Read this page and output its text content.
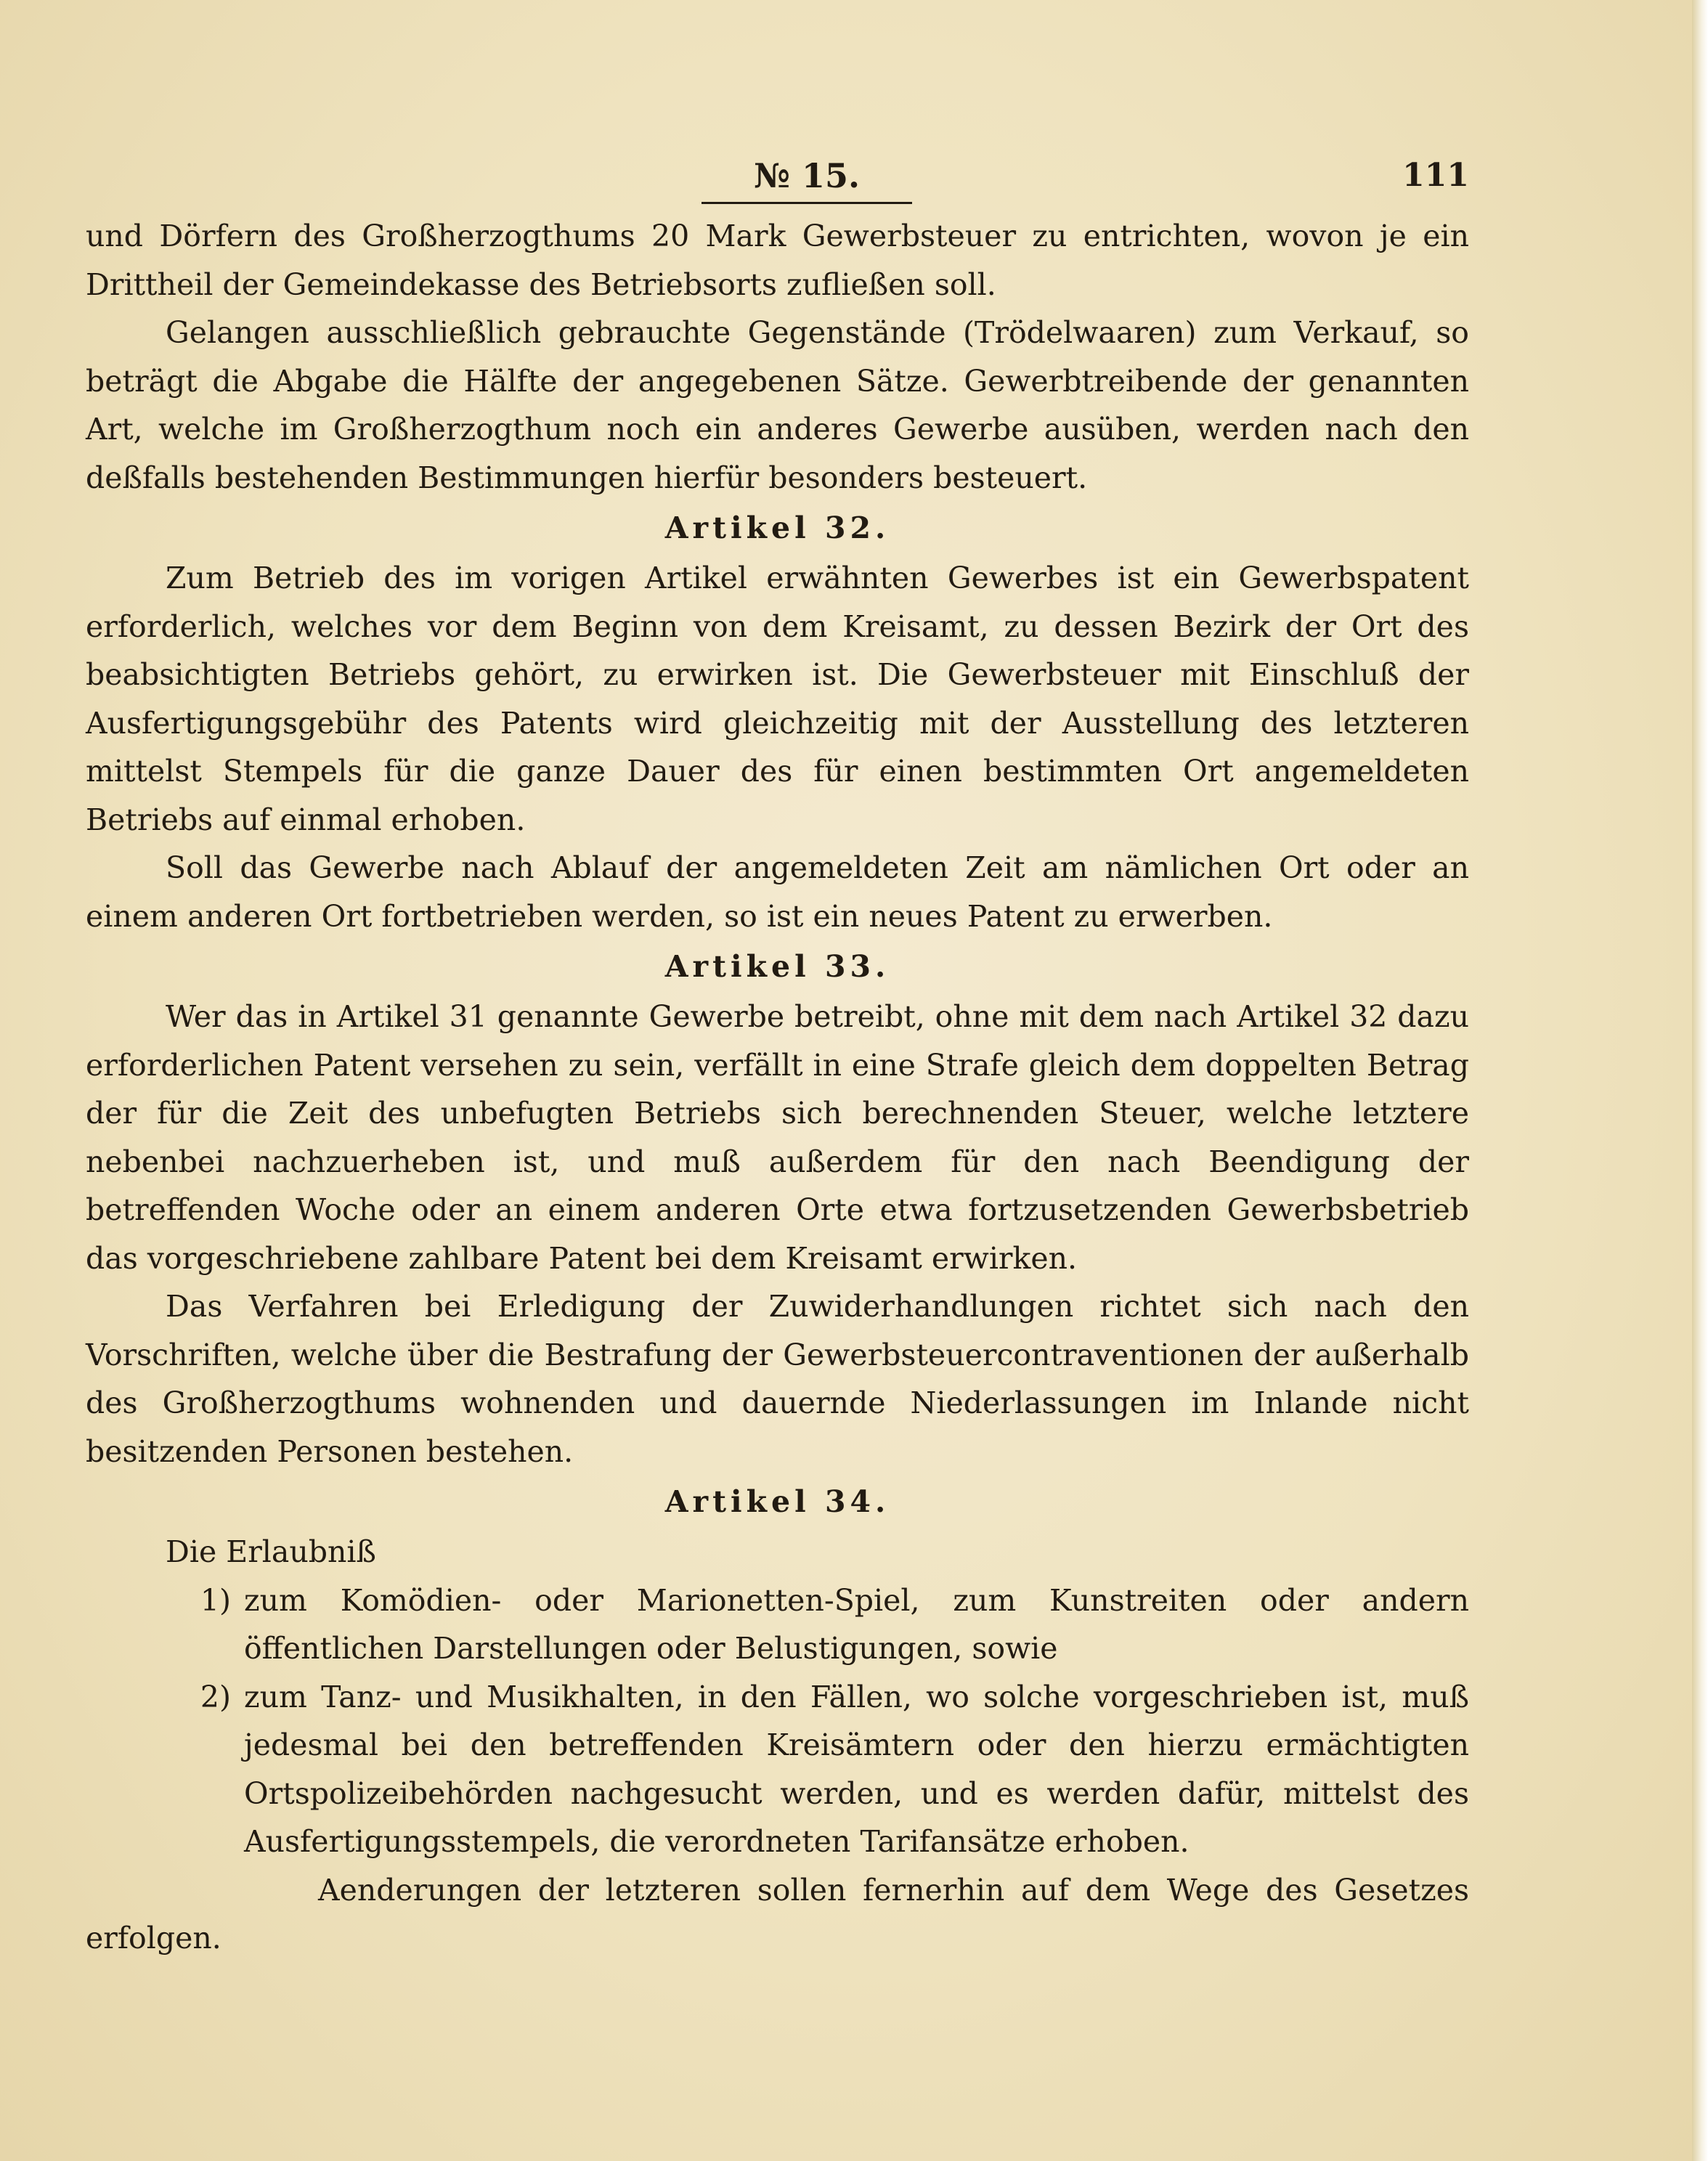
№ 15.	111

und Dörfern des Großherzogthums 20 Mark Gewerbsteuer zu entrichten, wovon je ein Drittheil der Gemeindekasse des Betriebsorts zufließen soll.

Gelangen ausschließlich gebrauchte Gegenstände (Trödelwaaren) zum Verkauf, so beträgt die Abgabe die Hälfte der angegebenen Sätze. Gewerbtreibende der genannten Art, welche im Großherzogthum noch ein anderes Gewerbe ausüben, werden nach den deßfalls bestehenden Bestimmungen hierfür besonders besteuert.

Artikel 32.

Zum Betrieb des im vorigen Artikel erwähnten Gewerbes ist ein Gewerbspatent erforderlich, welches vor dem Beginn von dem Kreisamt, zu dessen Bezirk der Ort des beabsichtigten Betriebs gehört, zu erwirken ist. Die Gewerbsteuer mit Einschluß der Ausfertigungsgebühr des Patents wird gleichzeitig mit der Ausstellung des letzteren mittelst Stempels für die ganze Dauer des für einen bestimmten Ort angemeldeten Betriebs auf einmal erhoben.

Soll das Gewerbe nach Ablauf der angemeldeten Zeit am nämlichen Ort oder an einem anderen Ort fortbetrieben werden, so ist ein neues Patent zu erwerben.

Artikel 33.

Wer das in Artikel 31 genannte Gewerbe betreibt, ohne mit dem nach Artikel 32 dazu erforderlichen Patent versehen zu sein, verfällt in eine Strafe gleich dem doppelten Betrag der für die Zeit des unbefugten Betriebs sich berechnenden Steuer, welche letztere nebenbei nachzuerheben ist, und muß außerdem für den nach Beendigung der betreffenden Woche oder an einem anderen Orte etwa fortzusetzenden Gewerbsbetrieb das vorgeschriebene zahlbare Patent bei dem Kreisamt erwirken.

Das Verfahren bei Erledigung der Zuwiderhandlungen richtet sich nach den Vorschriften, welche über die Bestrafung der Gewerbsteuercontraventionen der außerhalb des Großherzogthums wohnenden und dauernde Niederlassungen im Inlande nicht besitzenden Personen bestehen.

Artikel 34.

Die Erlaubniß

1) zum Komödien- oder Marionetten-Spiel, zum Kunstreiten oder andern öffentlichen Darstellungen oder Belustigungen, sowie
2) zum Tanz- und Musikhalten, in den Fällen, wo solche vorgeschrieben ist, muß jedesmal bei den betreffenden Kreisämtern oder den hierzu ermächtigten Ortspolizeibehörden nachgesucht werden, und es werden dafür, mittelst des Ausfertigungsstempels, die verordneten Tarifansätze erhoben.

Aenderungen der letzteren sollen fernerhin auf dem Wege des Gesetzes erfolgen.
